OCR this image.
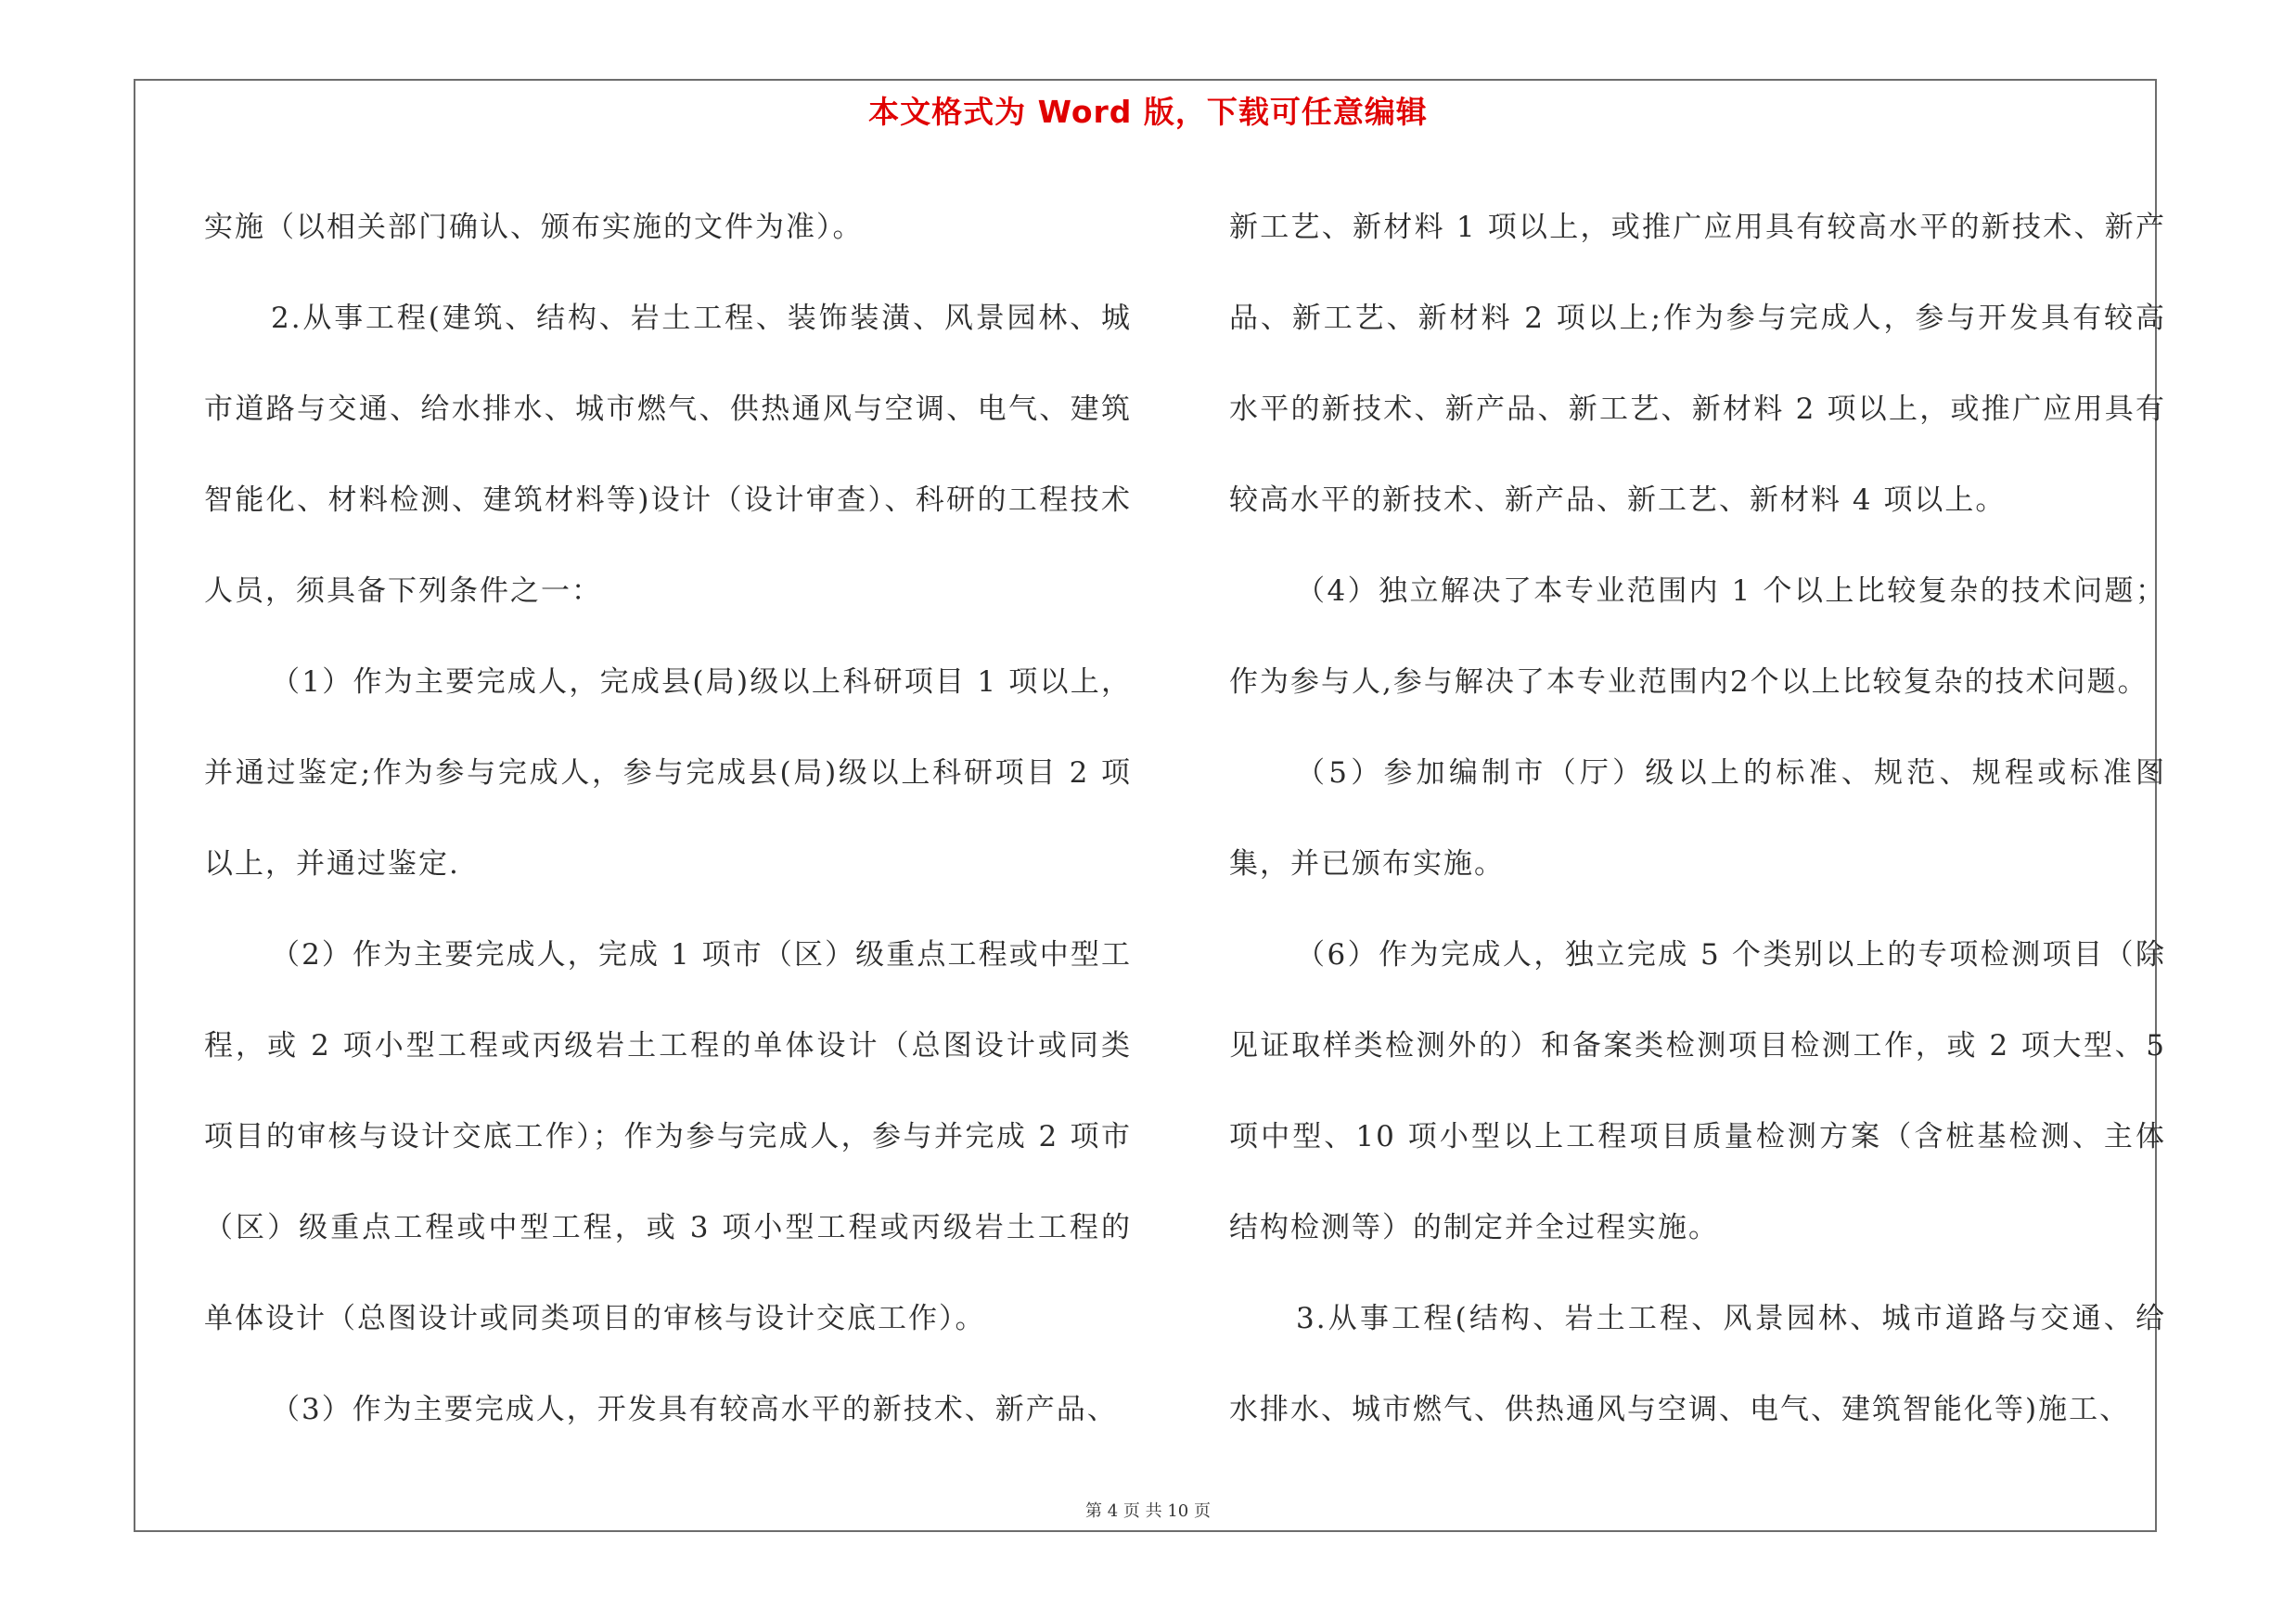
本文格式为 Word 版，下载可任意编辑

实施（以相关部门确认、颁布实施的文件为准）。

2.从事工程(建筑、结构、岩土工程、装饰装潢、风景园林、城市道路与交通、给水排水、城市燃气、供热通风与空调、电气、建筑智能化、材料检测、建筑材料等)设计（设计审查）、科研的工程技术人员，须具备下列条件之一：

（1）作为主要完成人，完成县(局)级以上科研项目 1 项以上，并通过鉴定;作为参与完成人，参与完成县(局)级以上科研项目 2 项以上，并通过鉴定.

（2）作为主要完成人，完成 1 项市（区）级重点工程或中型工程，或 2 项小型工程或丙级岩土工程的单体设计（总图设计或同类项目的审核与设计交底工作）；作为参与完成人，参与并完成 2 项市（区）级重点工程或中型工程，或 3 项小型工程或丙级岩土工程的单体设计（总图设计或同类项目的审核与设计交底工作）。

（3）作为主要完成人，开发具有较高水平的新技术、新产品、

新工艺、新材料 1 项以上，或推广应用具有较高水平的新技术、新产品、新工艺、新材料 2 项以上;作为参与完成人，参与开发具有较高水平的新技术、新产品、新工艺、新材料 2 项以上，或推广应用具有较高水平的新技术、新产品、新工艺、新材料 4 项以上。

（4）独立解决了本专业范围内 1 个以上比较复杂的技术问题；作为参与人,参与解决了本专业范围内2个以上比较复杂的技术问题。

（5）参加编制市（厅）级以上的标准、规范、规程或标准图集，并已颁布实施。

（6）作为完成人，独立完成 5 个类别以上的专项检测项目（除见证取样类检测外的）和备案类检测项目检测工作，或 2 项大型、5 项中型、10 项小型以上工程项目质量检测方案（含桩基检测、主体结构检测等）的制定并全过程实施。

3.从事工程(结构、岩土工程、风景园林、城市道路与交通、给水排水、城市燃气、供热通风与空调、电气、建筑智能化等)施工、

第 4 页 共 10 页
